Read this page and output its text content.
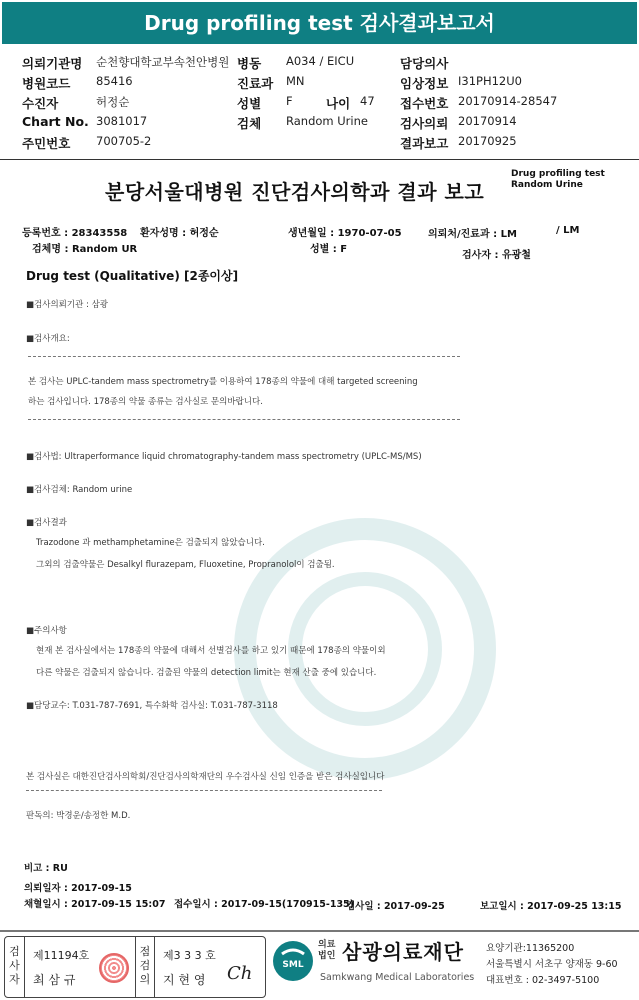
Drug profiling test 검사결과보고서
의뢰기관명 순천향대학교부속천안병원 병동 A034 / EICU	담당의사
병원코드 85416	진료과 MN	임상정보 I31PH12U0
수진자	허정순	성별 F	나이 47 접수번호 20170914-28547
Chart No. 3081017	검체 Random Urine	검사의뢰 20170914
주민번호 700705-2	결과보고 20170925
분당서울대병원 진단검사의학과 결과 보고
Drug profiling test
Random Urine
등록번호 : 28343558 환자성명 : 허정순	생년월일 : 1970-07-05	의뢰처/진료과 : LM	/ LM
검체명 : Random UR	성별 : F
검사자 : 유광철
Drug test (Qualitative) [2종이상]
■검사의뢰기관 : 삼광
■검사개요:
본 검사는 UPLC-tandem mass spectrometry를 이용하여 178종의 약물에 대해 targeted screening
하는 검사입니다. 178종의 약물 종류는 검사실로 문의바랍니다.
■검사법: Ultraperformance liquid chromatography-tandem mass spectrometry (UPLC-MS/MS)
■검사검체: Random urine
■검사결과
Trazodone 과 methamphetamine은 검출되지 않았습니다.
그외의 검출약물은 Desalkyl flurazepam, Fluoxetine, Propranolol이 검출됨.
■주의사항
현재 본 검사실에서는 178종의 약물에 대해서 선별검사를 하고 있기 때문에 178종의 약물이외
다른 약물은 검출되지 않습니다. 검출된 약물의 detection limit는 현재 산출 중에 있습니다.
■담당교수: T.031-787-7691, 특수화학 검사실: T.031-787-3118
본 검사실은 대한진단검사의학회/진단검사의학재단의 우수검사실 신임 인증을 받은 검사실입니다
판독의: 박경운/송정한 M.D.
비고 : RU
의뢰일자 : 2017-09-15
채혈일시 : 2017-09-15 15:07 접수일시 : 2017-09-15(170915-135)
검사일 : 2017-09-25	보고일시 : 2017-09-25 13:15
검
사
자
제11194호
최 삼 규
점
검
의
제3 3 3 호
지 현 영 Ch	SML
의료
법인 삼광의료재단
Samkwang Medical Laboratories
요양기관:11365200
서울특별시 서초구 양재동 9-60
대표번호 : 02-3497-5100
